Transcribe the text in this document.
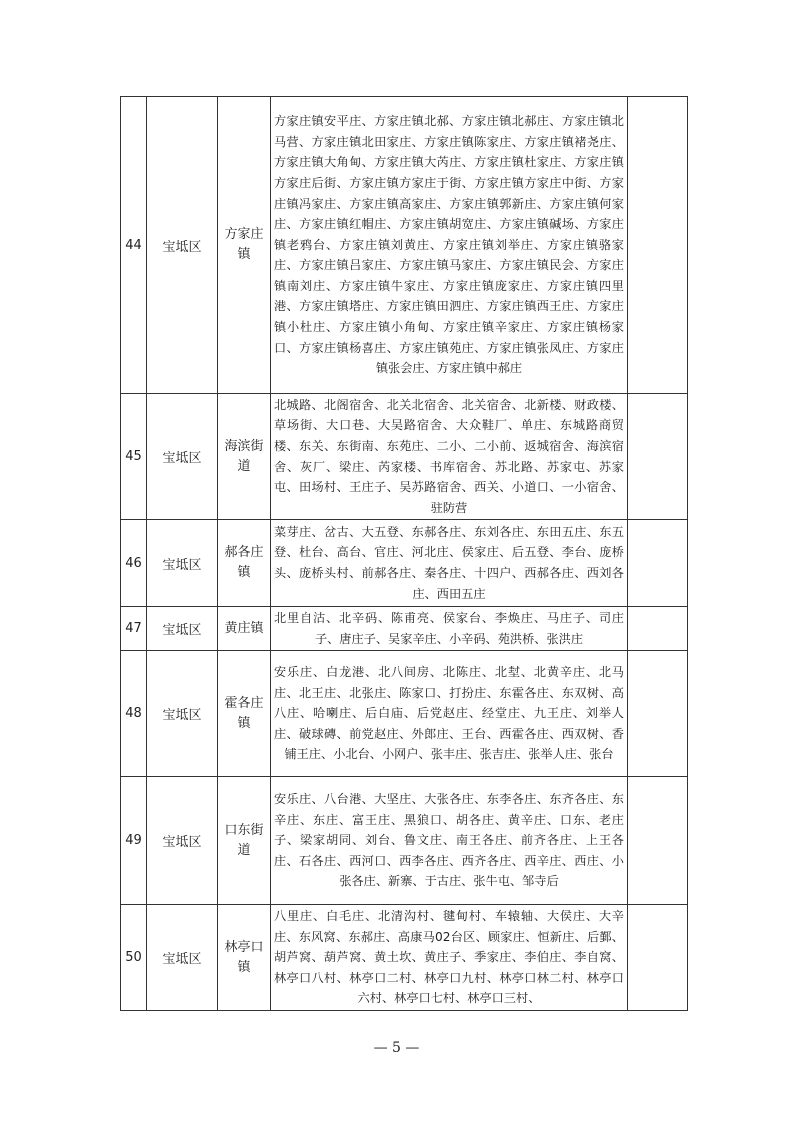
44	宝坻区	方家庄镇	方家庄镇安平庄、方家庄镇北郝、方家庄镇北郝庄、方家庄镇北马营、方家庄镇北田家庄、方家庄镇陈家庄、方家庄镇褚尧庄、方家庄镇大角甸、方家庄镇大芮庄、方家庄镇杜家庄、方家庄镇方家庄后街、方家庄镇方家庄于街、方家庄镇方家庄中街、方家庄镇冯家庄、方家庄镇高家庄、方家庄镇郭新庄、方家庄镇何家庄、方家庄镇红帽庄、方家庄镇胡宽庄、方家庄镇碱场、方家庄镇老鸦台、方家庄镇刘黄庄、方家庄镇刘举庄、方家庄镇骆家庄、方家庄镇吕家庄、方家庄镇马家庄、方家庄镇民会、方家庄镇南刘庄、方家庄镇牛家庄、方家庄镇庞家庄、方家庄镇四里港、方家庄镇塔庄、方家庄镇田泗庄、方家庄镇西王庄、方家庄镇小杜庄、方家庄镇小角甸、方家庄镇辛家庄、方家庄镇杨家口、方家庄镇杨喜庄、方家庄镇苑庄、方家庄镇张凤庄、方家庄镇张会庄、方家庄镇中郝庄	
45	宝坻区	海滨街道	北城路、北阁宿舍、北关北宿舍、北关宿舍、北新楼、财政楼、草场街、大口巷、大吴路宿舍、大众鞋厂、单庄、东城路商贸楼、东关、东街南、东苑庄、二小、二小前、返城宿舍、海滨宿舍、灰厂、梁庄、芮家楼、书库宿舍、苏北路、苏家屯、苏家屯、田场村、王庄子、吴苏路宿舍、西关、小道口、一小宿舍、驻防营	
46	宝坻区	郝各庄镇	菜芽庄、岔古、大五登、东郝各庄、东刘各庄、东田五庄、东五登、杜台、高台、官庄、河北庄、侯家庄、后五登、李台、庞桥头、庞桥头村、前郝各庄、秦各庄、十四户、西郝各庄、西刘各庄、西田五庄	
47	宝坻区	黄庄镇	北里自沽、北辛码、陈甫亮、侯家台、李焕庄、马庄子、司庄子、唐庄子、吴家辛庄、小辛码、苑洪桥、张洪庄	
48	宝坻区	霍各庄镇	安乐庄、白龙港、北八间房、北陈庄、北堼、北黄辛庄、北马庄、北王庄、北张庄、陈家口、打扮庄、东霍各庄、东双树、高八庄、哈喇庄、后白庙、后党赵庄、经堂庄、九王庄、刘举人庄、破球磚、前党赵庄、外郎庄、王台、西霍各庄、西双树、香铺王庄、小北台、小网户、张丰庄、张吉庄、张举人庄、张台	
49	宝坻区	口东街道	安乐庄、八台港、大坚庄、大张各庄、东李各庄、东齐各庄、东辛庄、东庄、富王庄、黑狼口、胡各庄、黄辛庄、口东、老庄子、梁家胡同、刘台、鲁文庄、南王各庄、前齐各庄、上王各庄、石各庄、西河口、西李各庄、西齐各庄、西辛庄、西庄、小张各庄、新寨、于古庄、张牛屯、邹寺后	
50	宝坻区	林亭口镇	八里庄、白毛庄、北清沟村、毽甸村、车辕轴、大侯庄、大辛庄、东风窝、东郝庄、高康马02台区、顾家庄、恒新庄、后鄞、胡芦窝、葫芦窝、黄土坎、黄庄子、季家庄、李伯庄、李自窝、林亭口八村、林亭口二村、林亭口九村、林亭口林二村、林亭口六村、林亭口七村、林亭口三村、	
— 5 —
